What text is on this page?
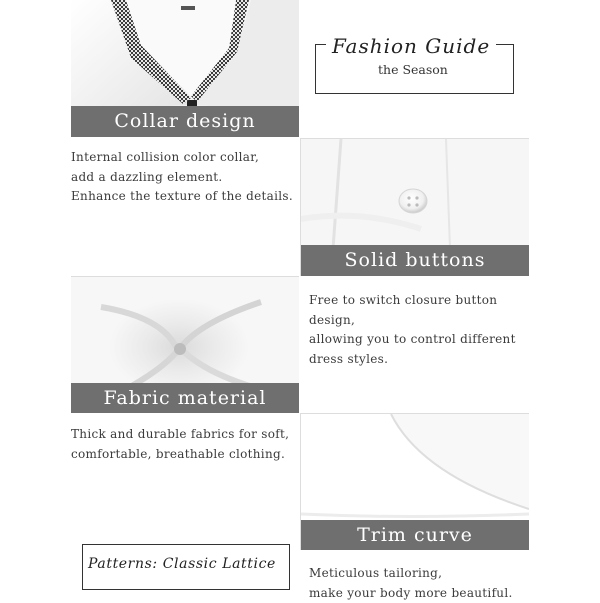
Fashion Guide
the Season
Collar design
Internal collision color collar,
add a dazzling element.
Enhance the texture of the details.
Solid buttons
Free to switch closure button
design,
allowing you to control different
dress styles.
Fabric material
Thick and durable fabrics for soft,
comfortable, breathable clothing.
Trim curve
Meticulous tailoring,
make your body more beautiful.
Patterns: Classic Lattice
